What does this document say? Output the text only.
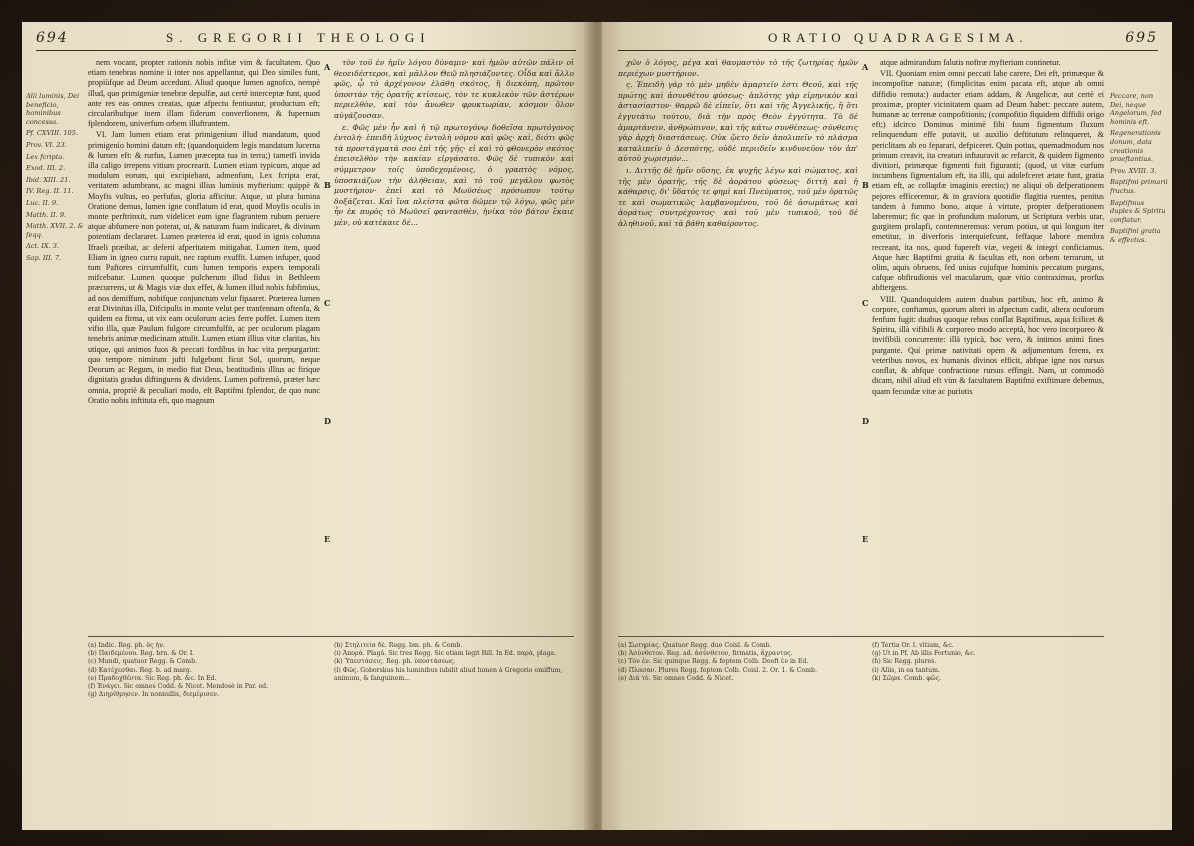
694	S. GREGORII THEOLOGI
Alii luminis, Dei beneficio, hominibus concessa.
Pf. CXVIII. 105.
Prov. VI. 23.
Lex fcripta.
Exod. III. 2.
Ibid. XIII. 21.
IV. Reg. II. 11.
Luc. II. 9.
Matth. II. 9.
Matth. XVII. 2. & feqq.
Act. IX. 3.
Sap. III. 7.

nem vocant, propter rationis nobis infitæ vim & facultatem. Quo etiam tenebras nomine ii inter nos appellantur, qui Deo similes funt, propiùfque ad Deum accedunt. Aliud quoque lumen agnofco, nempè illud, quo primigeniæ tenebræ depulfæ, aut certè interceptæ funt, quod ante res eas omnes creatas, quæ afpectu fentiuntur, productum eft; circularibufque inem illam fiderum converfionem, & fupernum fplendorem, univerfum orbem illuftrantem.

VI. Jam lumen etiam erat primigenium illud mandatum, quod primigenio homini datum eft; (quandoquidem legis mandatum lucerna & lumen eft: & rurfus, Lumen præcepta tua in terra;) tametfi invida illa caligo irrepens vitium procrearit. Lumen etiam typicum, atque ad modulum eorum, qui excipiebant, admenfum, Lex fcripta erat, veritatem adumbrans, ac magni illius luminis myfterium: quippè & Moyfis vultus, eo perfufus, gloria afficitur. Atque, ut plura lumina Oratione demus, lumen igne conflatum id erat, quod Moyfis oculis in monte perftrinxit, rum videlicet eum igne flagrantem rubum peruere atque abfumere non poterat, ut, & naturam fuam indicaret, & divinam potentiam declararet. Lumen præterea id erat, quod in ignis columna Ifraeli præibat, ac deferti afperitatem mitigabat. Lumen item, quod Eliam in igneo curru rapuit, nec raptum exuffit. Lumen infuper, quod tum Paftores circumfulfit, cum lumen temporis expers temporali mifcebatur. Lumen quoque pulcherum illud fidus in Bethleem præcurrens, ut & Magis viæ dux effet, & lumen illud nobis fubfimius, ad nos demiffum, nobifque conjunctum velut fipaaret. Præterea lumen erat Divinitas illa, Difcipulis in monte velut per tranfennam oftenfa, & quidem ea firma, ut vix eam oculorum acies ferre poffet. Lumen item vifio illa, quæ Paulum fulgore circumfulfit, ac per oculorum plagam tenebris animæ medicinam attulit. Lumen etiam illius vitæ claritas, his utique, qui animos fuos & peccati fordibus in hac vita perpurgarint: quo tempore nimirum jufti fulgebunt ficut Sol, quorum, neque Deorum ac Regum, in medio ftat Deus, beatitudinis illius ac firique dignitatis gradus diftinguens & dividens. Lumen poftremò, præter hæc omnia, propriè & peculiari modo, eft Baptifmi fplendor, de quo nunc Oratio nobis inftituta eft, quo magnum

τὸν τοῦ ἐν ἡμῖν λόγου δύναμιν· καὶ ἡμῶν αὐτῶν πάλιν οἱ θεοειδέστεροι, καὶ μᾶλλον Θεῷ πλησιάζοντες. Οἶδα καὶ ἄλλο φῶς, ᾧ τὸ ἀρχέγονον ἐλάθη σκότος, ἢ διεκόπη, πρῶτον ὑποστὰν τῆς ὁρατῆς κτίσεως, τὸν τε κυκλικὸν τῶν ἀστέρων περιελθὸν, καὶ τὸν ἄνωθεν φρυκτωρίαν, κόσμον ὅλον αὐγάζουσαν.

ε. Φῶς μὲν ἦν καὶ ἡ τῷ πρωτογόνῳ δοθεῖσα πρωτόγονος ἐντολή· ἐπειδὴ λύχνος ἐντολὴ νόμου καὶ φῶς· καὶ, διότι φῶς τὰ προστάγματά σου ἐπὶ τῆς γῆς· εἰ καὶ τὸ φθονερὸν σκότος ἐπεισελθὸν τὴν κακίαν εἰργάσατο. Φῶς δὲ τυπικὸν καὶ σύμμετρον τοῖς ὑποδεχομένοις, ὁ γραπτὸς νόμος, ὑποσκιάζων τὴν ἀλήθειαν, καὶ τὸ τοῦ μεγάλου φωτὸς μυστήριον· ἐπεὶ καὶ τὸ Μωϋσέως πρόσωπον τούτῳ δοξάζεται. Καὶ ἵνα πλείστα φῶτα δῶμεν τῷ λόγῳ, φῶς μὲν ἦν ἐκ πυρὸς τὸ Μωϋσεῖ φαντασθὲν, ἡνίκα τὸν βάτον ἔκαιε μὲν, οὐ κατέκαιε δέ...

(a) Indic. Reg. ph. ὃς ἦν.
(b) Παιδεμένου. Reg. brn. & Or. I.
(c) Mundi, quatuor Regg. & Comb.
(d) Κατέχεσθαι. Reg. b. ad marg.
(e) Πραδοχθέντα. Sic Reg. ph. &c. In Ed.
(f) Ἐνάγει. Sic omnes Codd. & Nicet. Mendosè in Par. ed.
(g) Διηρίθμησεν. In nonnullis, διεμέρισεν.
(h) Στηλιτεία δὲ. Regg. bm. ph. & Comb.
(i) Ἀπορά. Plagâ. Sic tres Regg. Sic etiam legit Bill. In Ed. παρὰ, plaga.
(k) Ὑπεστάσεις. Reg. ph. ὑποστάσεως.
(l) Φῶς. Goborskus his luminibus iubilit aliud lumen à Gregorio omiffum, animum, & fanguinem...
A
B
C
D
E
ORATIO QUADRAGESIMA.	695

χῶν ὁ λόγος, μέγα καὶ θαυμαστὸν τὸ τῆς ζωτηρίας ἡμῶν περιέχων μυστήριον.

ς. Ἐπειδὴ γὰρ τὸ μὲν μηδὲν ἁμαρτεῖν ἐστι Θεοῦ, καὶ τῆς πρώτης καὶ ἀσυνθέτου φύσεως· ἁπλότης γὰρ εἰρηνικὸν καὶ ἀστασίαστον· θαρρῶ δὲ εἰπεῖν, ὅτι καὶ τῆς Ἀγγελικῆς, ἢ ὅτι ἐγγυτάτω τούτου, διὰ τὴν πρὸς Θεὸν ἐγγύτητα. Τὸ δὲ ἁμαρτάνειν, ἀνθρώπινον, καὶ τῆς κάτω συνθέσεως· σύνθεσις γὰρ ἀρχὴ διαστάσεως. Οὐκ ᾤετο δεῖν ἀπολιπεῖν τὸ πλάσμα καταλιπεῖν ὁ Δεσπότης, οὐδὲ περιιδεῖν κινδυνεῦον τὸν ἀπ' αὐτοῦ χωρισμόν...

ι. Διττῆς δὲ ἡμῖν οὔσης, ἐκ ψυχῆς λέγω καὶ σώματος, καὶ τῆς μὲν ὁρατῆς, τῆς δὲ ἀοράτου φύσεως· διττὴ καὶ ἡ κάθαρσις, δι' ὕδατός τε φημὶ καὶ Πνεύματος, τοῦ μὲν ὁρατῶς τε καὶ σωματικῶς λαμβανομένου, τοῦ δὲ ἀσωμάτως καὶ ἀοράτως συντρέχοντος· καὶ τοῦ μὲν τυπικοῦ, τοῦ δὲ ἀληθινοῦ, καὶ τὰ βάθη καθαίροντος.

atque admirandum falutis noftræ myfterium continetur.

VII. Quoniam enim omni peccati labe carere, Dei eft, primæque & incompofitæ naturæ; (fimplicitas enim pacata eft, atque ab omni diffidio remota:) audacter etiam addam, & Angelicæ, aut certè ei proximæ, propter vicinitatem quam ad Deum habet: peccare autem, humanæ ac terrenæ compofitionis; (compofitio fiquidem diffidii origo eft;) idcirco Dominus minimè fibi fuum figmentum fluxum relinquendum effe putavit, ut auxilio deftitutum relinqueret, & periclitans ab eo feparari, defpiceret. Quin potius, quemadmodum nos primum creavit, ita creaturi inftauravit ac refarcit, & quidem figmento divitiori, primæque figmenti fuit figuranti; (quod, ut vitæ curfum incumbens figmentalum eft, ita illi, qui adolefceret ætate funt, gratia etiam eft, ac collapfæ imaginis erectio;) ne aliqui ob defperationem pejores efficeremur, & in graviora quotidie flagitia ruentes, penitus tandem à fummo bono, atque à virtute, propter defperationem laberemur; fic que in profundum malorum, ut Scriptura verbis utar, gurgitem prolapfi, contemneremus: verum potius, ut qui longum iter emetitur, in diverforis interquiefcunt, feffaque labore membra recreant, ita nos, quod fupereft viæ, vegeti & integri conficiamus. Atque hæc Baptifmi gratia & facultas eft, non orbem terrarum, ut olim, aquis obruens, fed unius cujufque hominis peccatum purgans, cafque obfirudionis vel macularum, quæ vitio contraximus, prorfus abftergens.

VIII. Quandoquidem autem duabus partibus, hoc eft, animo & corpore, conftamus, quorum alteri in afpectum cadit, altera oculorum fenfum fugit: duabus quoque rebus conflat Baptifmus, aqua fcilicet & Spiritu, illà vifibili & corporeo modo acceptà, hoc vero incorporeo & invifibili concurrente: illà typicà, hoc vero, & intimos animi fines purgante. Qui primæ nativitati opem & adjumentum ferens, ex veteribus novos, ex humanis divinos efficit, abfque igne nos rursus conflat, & abfque confractione rursus effingit. Nam, ut commodò dicam, nihil aliud eft vim & facultatem Baptifmi exiftimare debemus, quam fecundæ vitæ ac puriotis

Peccare, non Dei, neque Angelorum, fed hominis eft.
Regenerationis donum, data creationis praeftantius.
Prov. XVIII. 3.
Baptifmi primarii fructus.
Baptifmus duplex & Spiritu conflatur.
Baptifmi gratia & effectus.
(a) Σωτηρίας. Quatuor Regg. duo Coisl. & Comb.
(b) Ἀσύνθετον. Reg. ad. ἀσύνθετον, firmatis, ἄχραντος.
(c) Τὸν ἐν. Sic quinque Regg. & feptem Colb. Deeft ἐν in Ed.
(d) Πλασαν. Plures Regg. feptem Colb. Coisl. 2. Or. 1. & Comb.
(e) Διὰ τὸ. Sic omnes Codd. & Nicet.
(f) Tertia Or. I. vitium, &c.
(g) Ut in Pf. Ab illis Fortunio, &c.
(h) Sic Regg. plures.
(i) Aliis, in ea tantum.
(k) Σῶμα. Comb. φῶς.
A
B
C
D
E
